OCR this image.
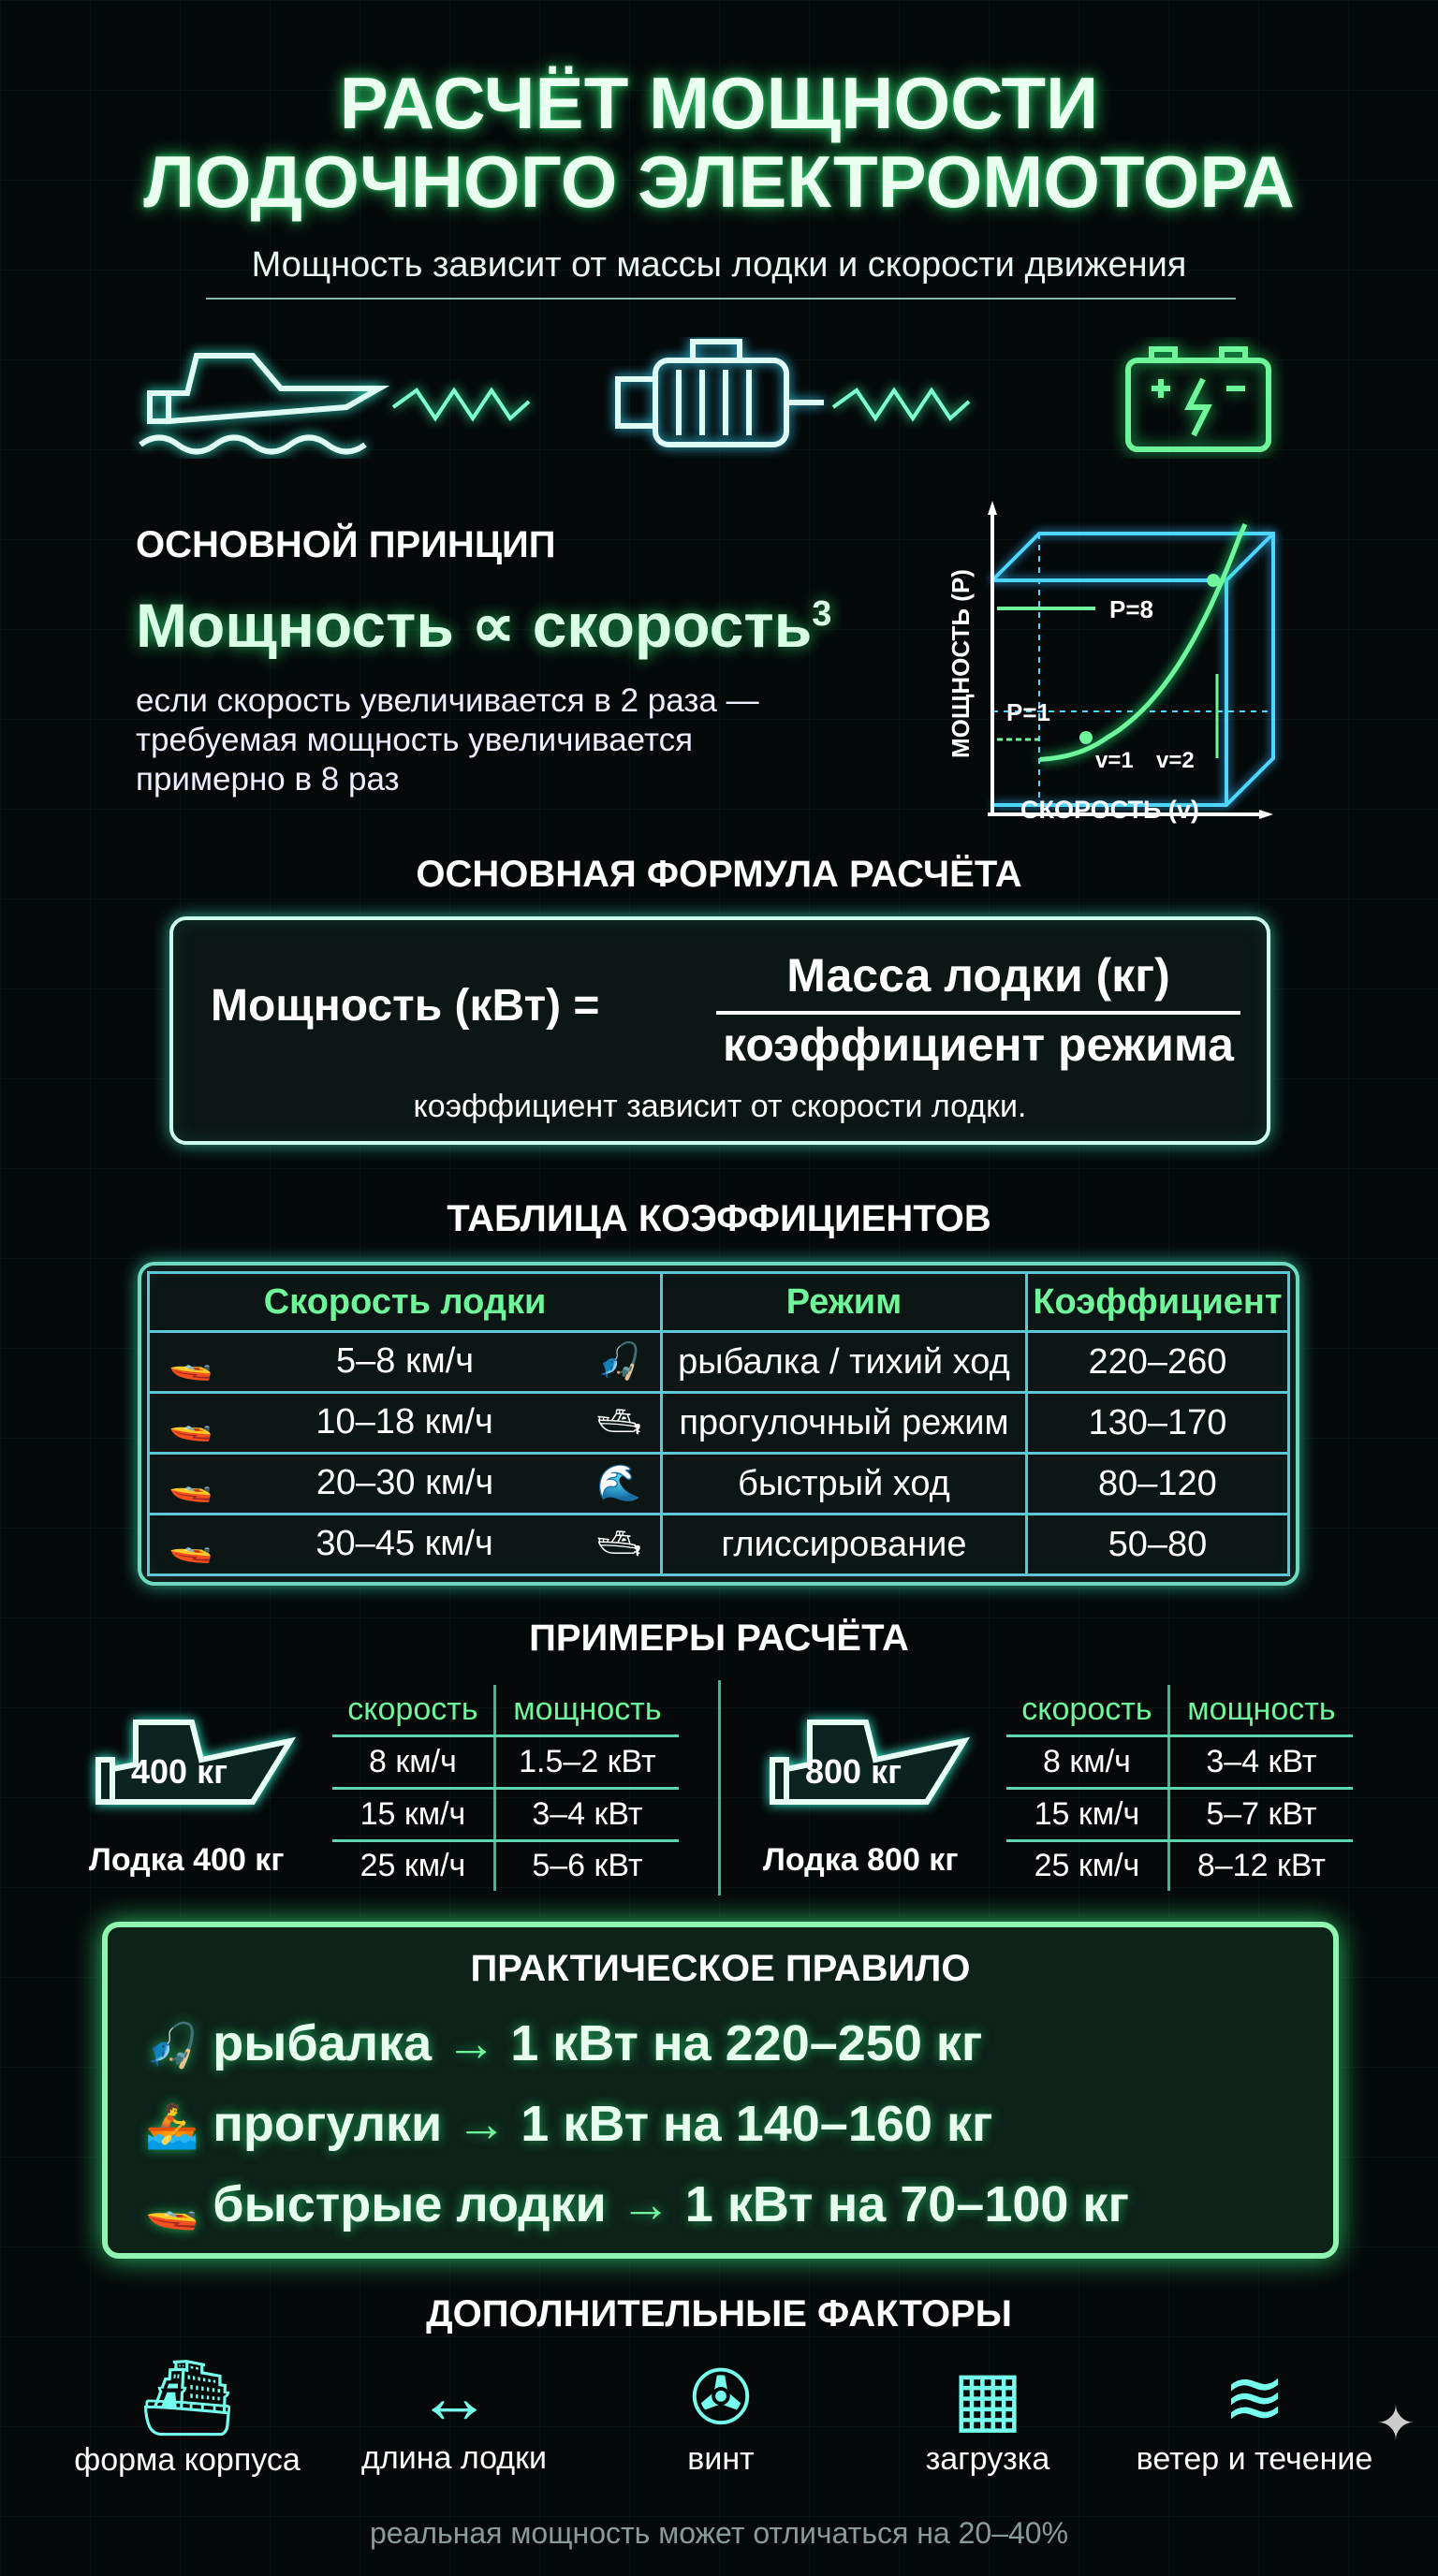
РАСЧЁТ МОЩНОСТИ
ЛОДОЧНОГО ЭЛЕКТРОМОТОРА
Мощность зависит от массы лодки и скорости движения
ОСНОВНОЙ ПРИНЦИП
Мощность ∝ скорость$^3$
если скорость увеличивается в 2 раза —
требуемая мощность увеличивается
примерно в 8 раз
P=8
P=1
v=1 v=2
МОЩНОСТЬ (P)
СКОРОСТЬ (v)
ОСНОВНАЯ ФОРМУЛА РАСЧЁТА
Мощность (кВт) =
Масса лодки (кг)
коэффициент режима
коэффициент зависит от скорости лодки.
ТАБЛИЦА КОЭФФИЦИЕНТОВ
Скорость лодки	Режим	Коэффициент

🚤 5–8 км/ч 🎣	рыбалка / тихий ход	220–260

🚤 10–18 км/ч 🛥	прогулочный режим	130–170

🚤 20–30 км/ч 🌊	быстрый ход	80–120

🚤 30–45 км/ч 🛥	глиссирование	50–80
ПРИМЕРЫ РАСЧЁТА
400 кг
Лодка 400 кг
скорость	мощность
8 км/ч	1.5–2 кВт
15 км/ч	3–4 кВт
25 км/ч	5–6 кВт
800 кг
Лодка 800 кг
скорость	мощность
8 км/ч	3–4 кВт
15 км/ч	5–7 кВт
25 км/ч	8–12 кВт
ПРАКТИЧЕСКОЕ ПРАВИЛО
🎣 рыбалка → 1 кВт на 220–250 кг
🚣 прогулки → 1 кВт на 140–160 кг
🚤 быстрые лодки → 1 кВт на 70–100 кг
ДОПОЛНИТЕЛЬНЫЕ ФАКТОРЫ
⛴
форма корпуса
↔
длина лодки
✇
винт
▦
загрузка
≋
ветер и течение
реальная мощность может отличаться на 20–40%
✦
